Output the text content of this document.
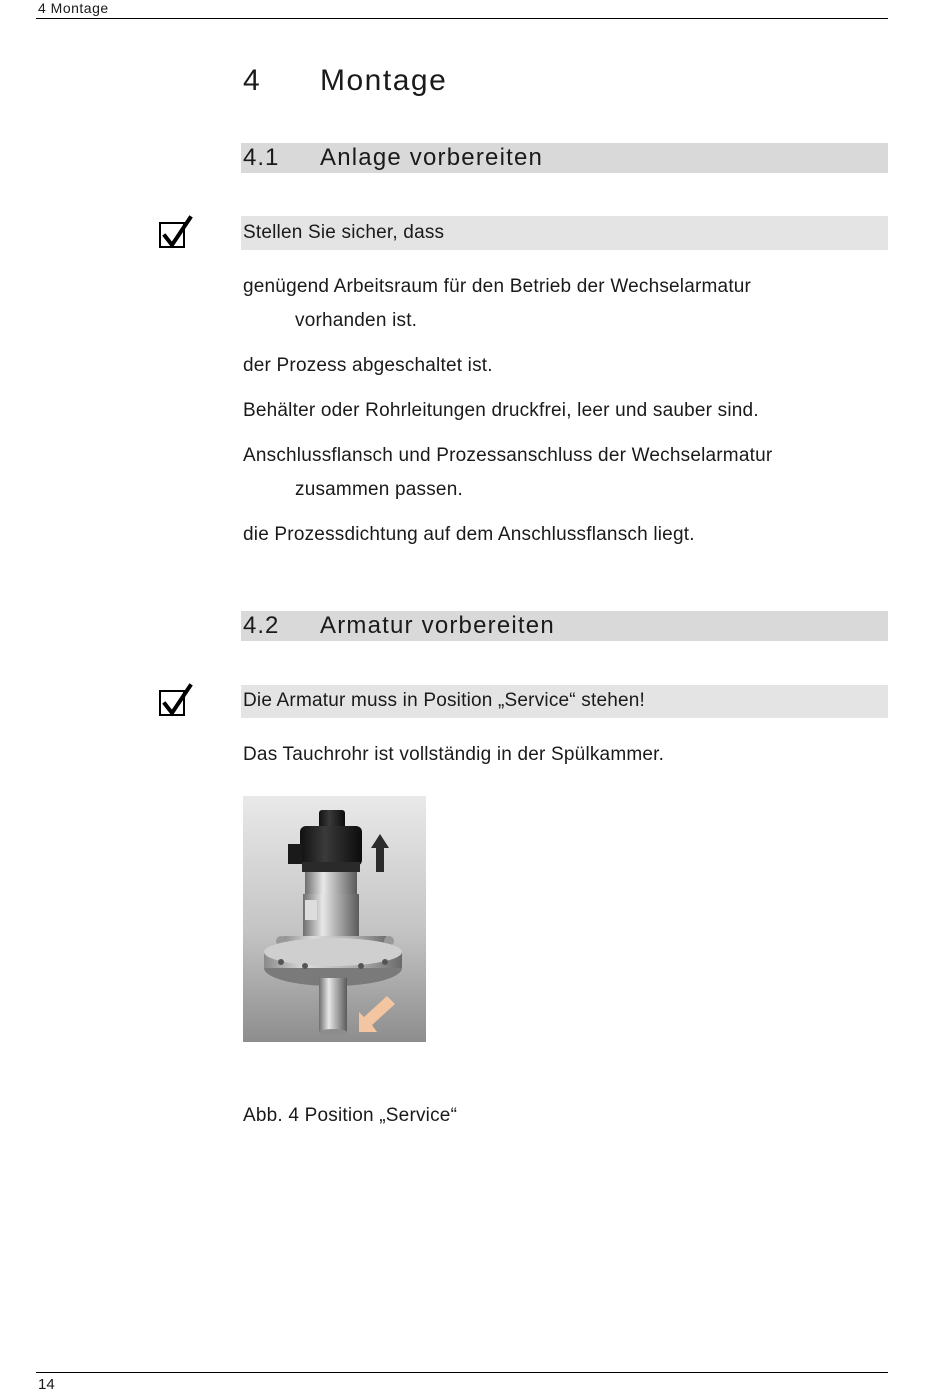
4 Montage
4 Montage
4.1 Anlage vorbereiten
Stellen Sie sicher, dass
genügend Arbeitsraum für den Betrieb der Wechselarmatur
vorhanden ist.
der Prozess abgeschaltet ist.
Behälter oder Rohrleitungen druckfrei, leer und sauber sind.
Anschlussflansch und Prozessanschluss der Wechselarmatur
zusammen passen.
die Prozessdichtung auf dem Anschlussflansch liegt.
4.2 Armatur vorbereiten
Die Armatur muss in Position „Service“ stehen!
Das Tauchrohr ist vollständig in der Spülkammer.
Abb. 4 Position „Service“
14
